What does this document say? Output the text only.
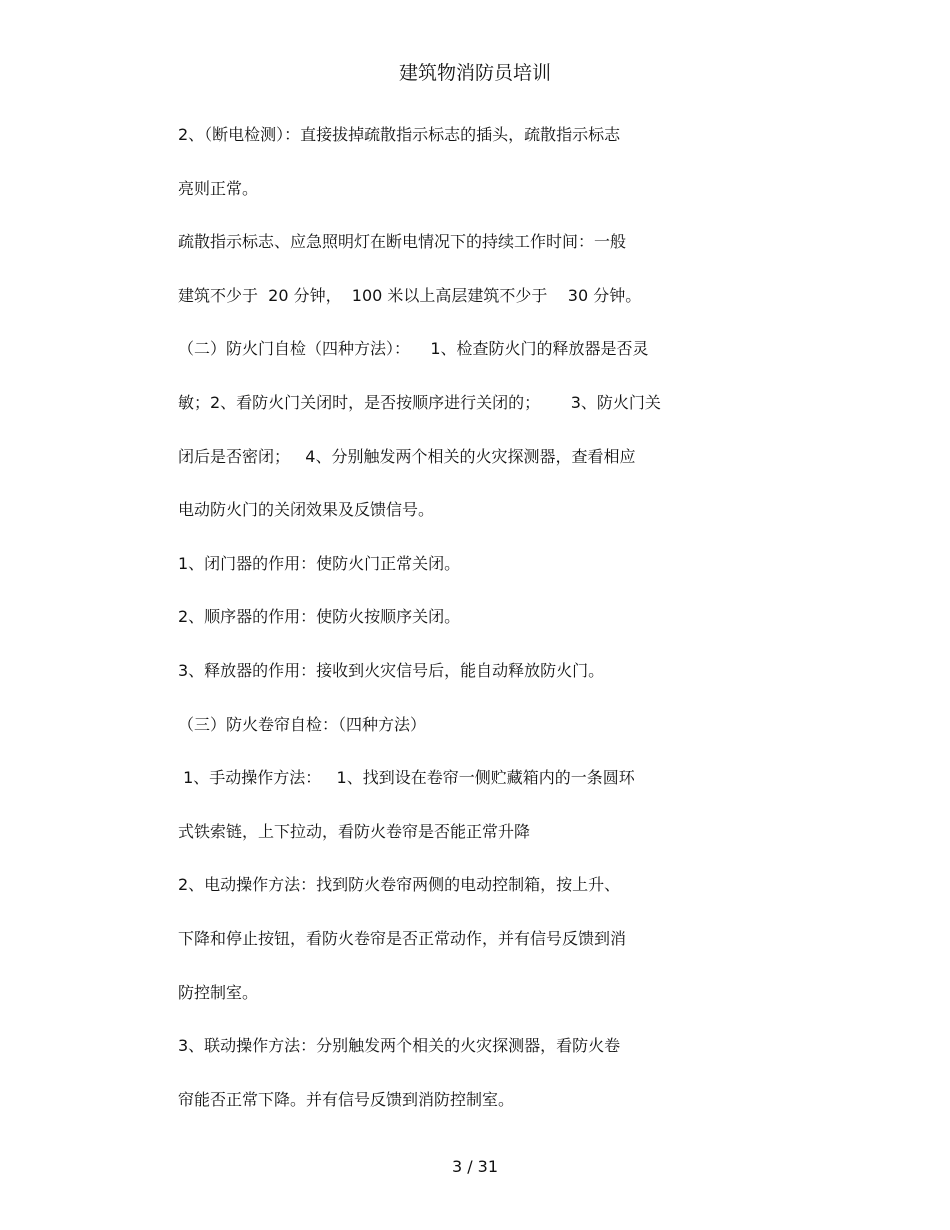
建筑物消防员培训
2、（断电检测）：直接拔掉疏散指示标志的插头，疏散指示标志
亮则正常。
疏散指示标志、应急照明灯在断电情况下的持续工作时间：一般
建筑不少于  20 分钟，  100 米以上高层建筑不少于    30 分钟。
（二）防火门自检（四种方法）：    1、检查防火门的释放器是否灵
敏；2、看防火门关闭时，是否按顺序进行关闭的；      3、防火门关
闭后是否密闭；   4、分别触发两个相关的火灾探测器，查看相应
电动防火门的关闭效果及反馈信号。
1、闭门器的作用：使防火门正常关闭。
2、顺序器的作用：使防火按顺序关闭。
3、释放器的作用：接收到火灾信号后，能自动释放防火门。
（三）防火卷帘自检：（四种方法）
1、手动操作方法：   1、找到设在卷帘一侧贮藏箱内的一条圆环
式铁索链，上下拉动，看防火卷帘是否能正常升降
2、电动操作方法：找到防火卷帘两侧的电动控制箱，按上升、
下降和停止按钮，看防火卷帘是否正常动作，并有信号反馈到消
防控制室。
3、联动操作方法：分别触发两个相关的火灾探测器，看防火卷
帘能否正常下降。并有信号反馈到消防控制室。
3 / 31
